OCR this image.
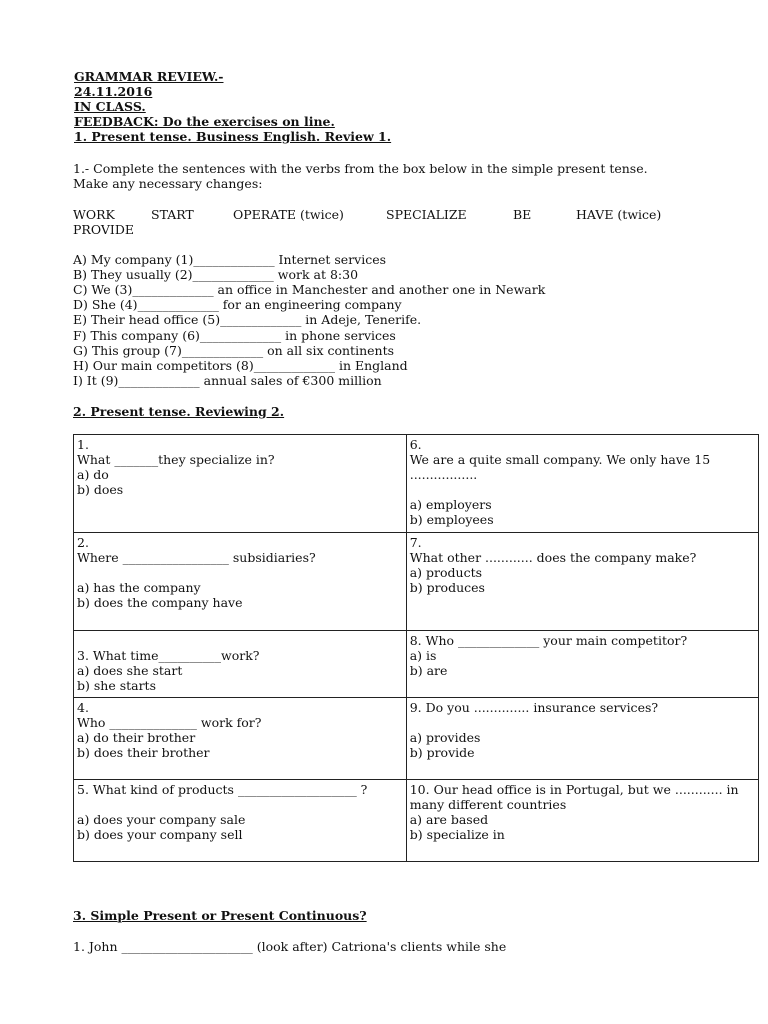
GRAMMAR REVIEW.-
24.11.2016
IN CLASS.
FEEDBACK: Do the exercises on line.
1. Present tense. Business English. Review 1.
1.- Complete the sentences with the verbs from the box below in the simple present tense. Make any necessary changes:
WORK	START	OPERATE (twice)	SPECIALIZE	BE	HAVE (twice)
PROVIDE
A) My company (1)_____________ Internet services
B) They usually (2)_____________ work at 8:30
C) We (3)_____________ an office in Manchester and another one in Newark
D) She (4)_____________ for an engineering company
E) Their head office (5)_____________ in Adeje, Tenerife.
F) This company (6)_____________ in phone services
G) This group (7)_____________ on all six continents
H) Our main competitors (8)_____________ in England
I) It (9)_____________ annual sales of €300 million
2. Present tense. Reviewing 2.
1.
What _______they specialize in?
a) do
b) does	6.
We are a quite small company. We only have 15 .................

a) employers
b) employees
2.
Where _________________ subsidiaries?

a) has the company
b) does the company have	7.
What other ............ does the company make?
a) products
b) produces

3. What time__________work?
a) does she start
b) she starts	8. Who _____________ your main competitor?
a) is
b) are
4.
Who ______________ work for?
a) do their brother
b) does their brother	9. Do you .............. insurance services?

a) provides
b) provide
5. What kind of products ___________________ ?

a) does your company sale
b) does your company sell	10. Our head office is in Portugal, but we ............ in many different countries
a) are based
b) specialize in
3. Simple Present or Present Continuous?
1. John _____________________ (look after) Catriona's clients while she
